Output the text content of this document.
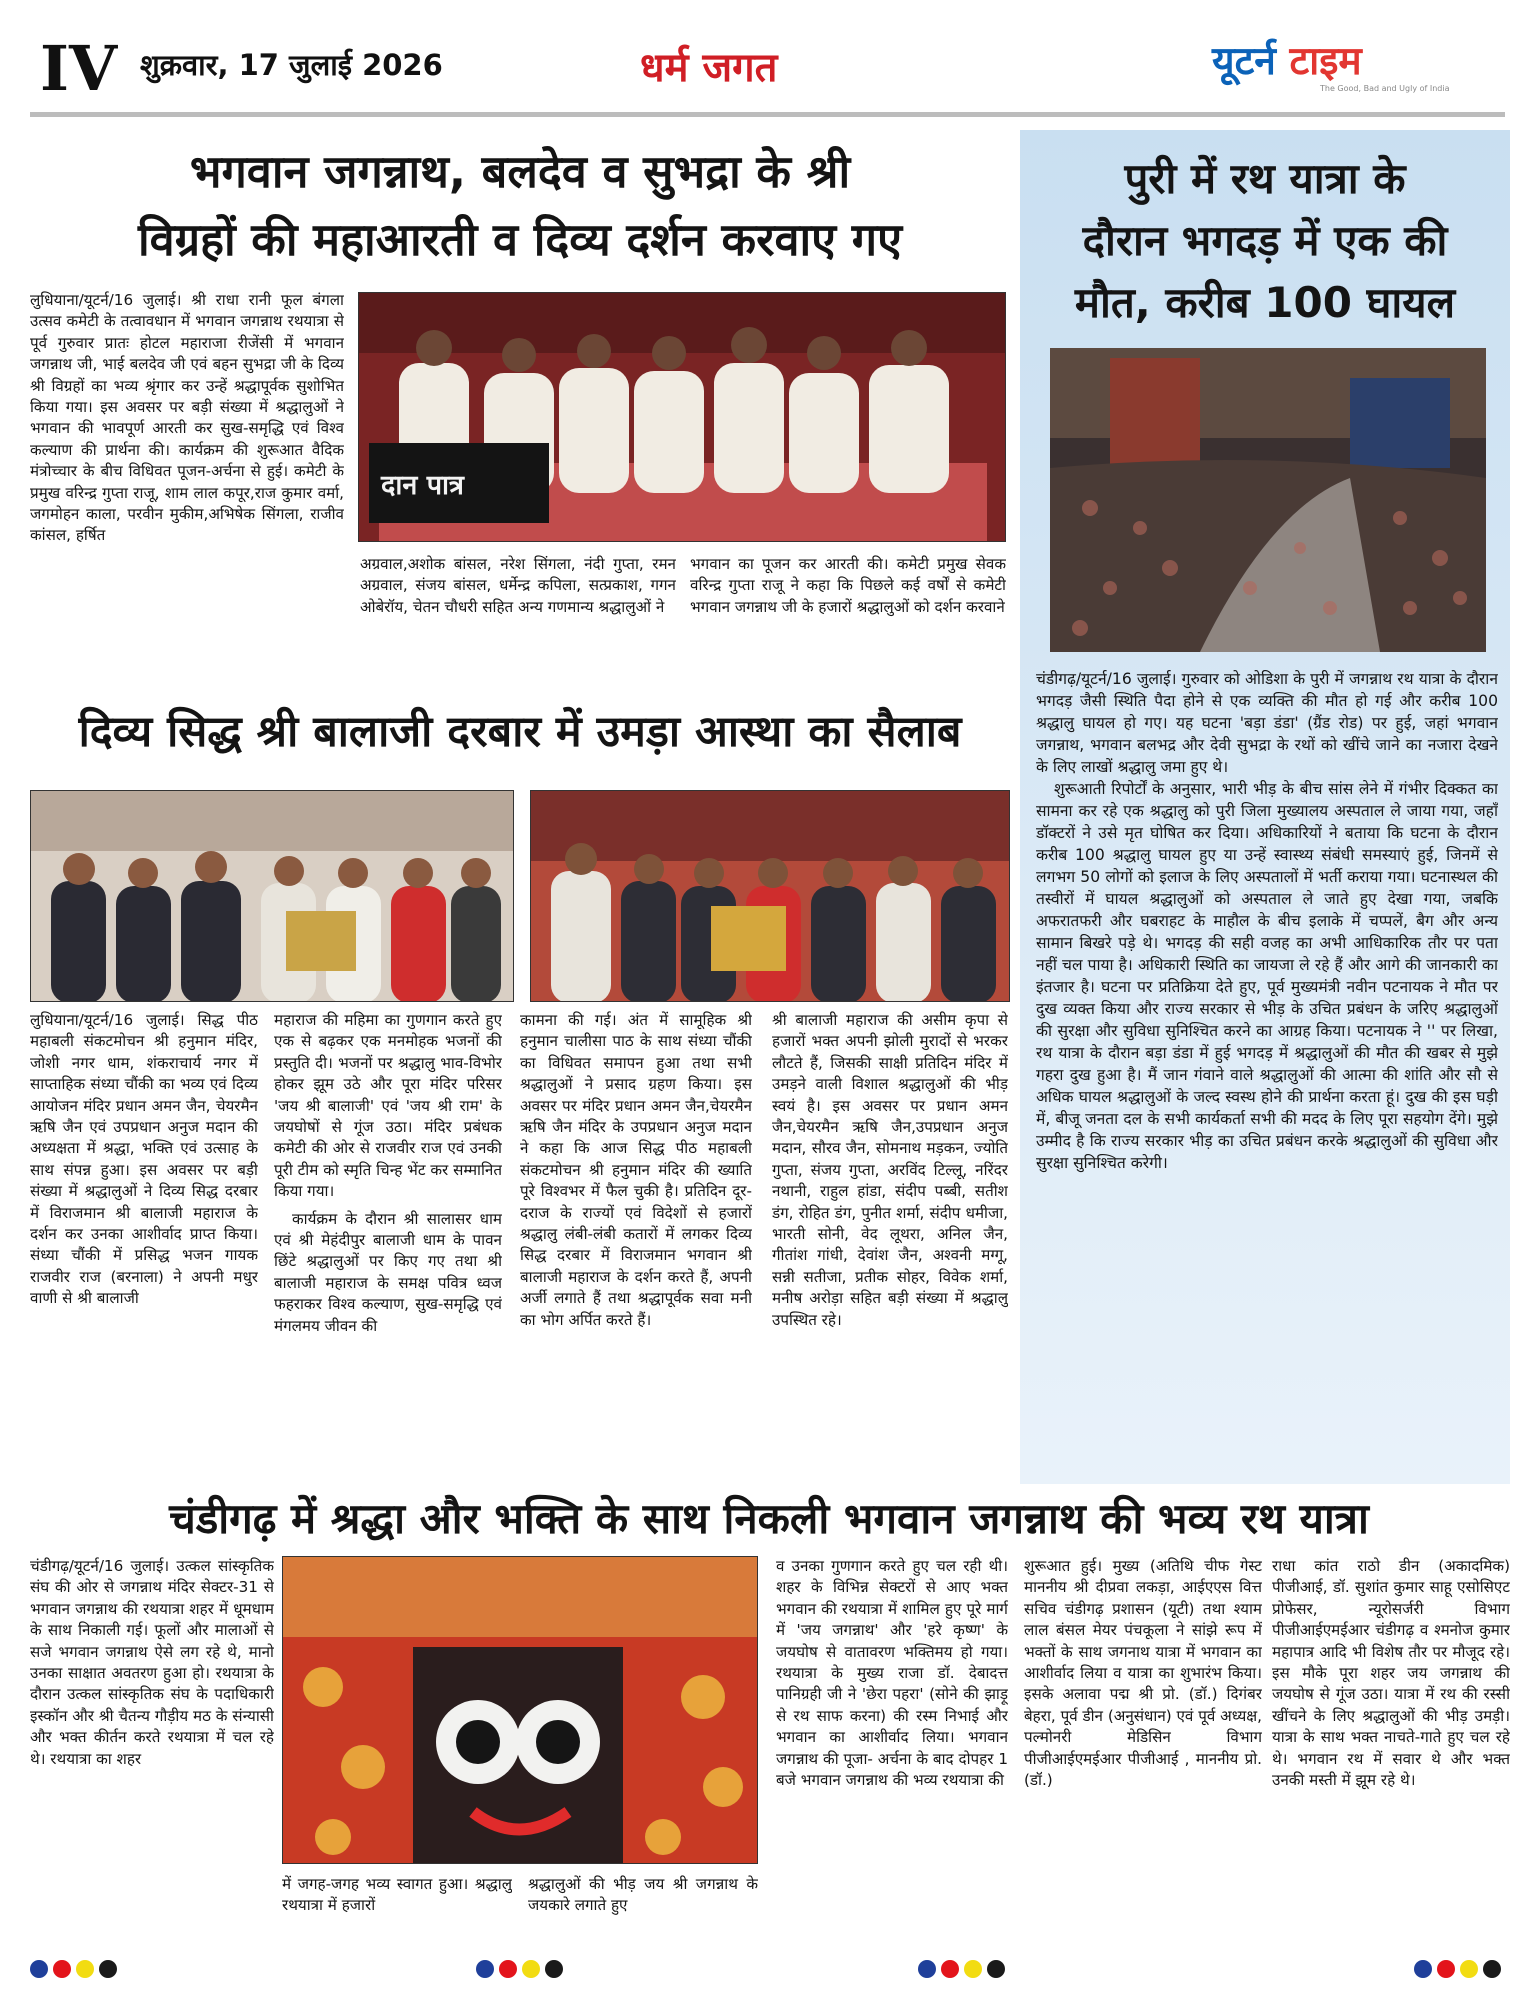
IV शुक्रवार, 17 जुलाई 2026	धर्म जगत	यूटर्न टाइम
The Good, Bad and Ugly of India
भगवान जगन्नाथ, बलदेव व सुभद्रा के श्री
विग्रहों की महाआरती व दिव्य दर्शन करवाए गए
लुधियाना/यूटर्न/16 जुलाई। श्री राधा रानी फूल बंगला उत्सव कमेटी के तत्वावधान में भगवान जगन्नाथ रथयात्रा से पूर्व गुरुवार प्रातः होटल महाराजा रीजेंसी में भगवान जगन्नाथ जी, भाई बलदेव जी एवं बहन सुभद्रा जी के दिव्य श्री विग्रहों का भव्य श्रृंगार कर उन्हें श्रद्धापूर्वक सुशोभित किया गया। इस अवसर पर बड़ी संख्या में श्रद्धालुओं ने भगवान की भावपूर्ण आरती कर सुख-समृद्धि एवं विश्व कल्याण की प्रार्थना की। कार्यक्रम की शुरूआत वैदिक मंत्रोच्चार के बीच विधिवत पूजन-अर्चना से हुई। कमेटी के प्रमुख वरिन्द्र गुप्ता राजू, शाम लाल कपूर,राज कुमार वर्मा, जगमोहन काला, परवीन मुकीम,अभिषेक सिंगला, राजीव कांसल, हर्षित
दान पात्र
अग्रवाल,अशोक बांसल, नरेश सिंगला, नंदी गुप्ता, रमन अग्रवाल, संजय बांसल, धर्मेन्द्र कपिला, सत्प्रकाश, गगन ओबेरॉय, चेतन चौधरी सहित अन्य गणमान्य श्रद्धालुओं ने
भगवान का पूजन कर आरती की। कमेटी प्रमुख सेवक वरिन्द्र गुप्ता राजू ने कहा कि पिछले कई वर्षों से कमेटी भगवान जगन्नाथ जी के हजारों श्रद्धालुओं को दर्शन करवाने
दिव्य सिद्ध श्री बालाजी दरबार में उमड़ा आस्था का सैलाब
लुधियाना/यूटर्न/16 जुलाई। सिद्ध पीठ महाबली संकटमोचन श्री हनुमान मंदिर, जोशी नगर धाम, शंकराचार्य नगर में साप्ताहिक संध्या चौंकी का भव्य एवं दिव्य आयोजन मंदिर प्रधान अमन जैन, चेयरमैन ऋषि जैन एवं उपप्रधान अनुज मदान की अध्यक्षता में श्रद्धा, भक्ति एवं उत्साह के साथ संपन्न हुआ। इस अवसर पर बड़ी संख्या में श्रद्धालुओं ने दिव्य सिद्ध दरबार में विराजमान श्री बालाजी महाराज के दर्शन कर उनका आशीर्वाद प्राप्त किया। संध्या चौंकी में प्रसिद्ध भजन गायक राजवीर राज (बरनाला) ने अपनी मधुर वाणी से श्री बालाजी
महाराज की महिमा का गुणगान करते हुए एक से बढ़कर एक मनमोहक भजनों की प्रस्तुति दी। भजनों पर श्रद्धालु भाव-विभोर होकर झूम उठे और पूरा मंदिर परिसर 'जय श्री बालाजी' एवं 'जय श्री राम' के जयघोषों से गूंज उठा। मंदिर प्रबंधक कमेटी की ओर से राजवीर राज एवं उनकी पूरी टीम को स्मृति चिन्ह भेंट कर सम्मानित किया गया।
कार्यक्रम के दौरान श्री सालासर धाम एवं श्री मेहंदीपुर बालाजी धाम के पावन छिंटे श्रद्धालुओं पर किए गए तथा श्री बालाजी महाराज के समक्ष पवित्र ध्वज फहराकर विश्व कल्याण, सुख-समृद्धि एवं मंगलमय जीवन की
कामना की गई। अंत में सामूहिक श्री हनुमान चालीसा पाठ के साथ संध्या चौंकी का विधिवत समापन हुआ तथा सभी श्रद्धालुओं ने प्रसाद ग्रहण किया। इस अवसर पर मंदिर प्रधान अमन जैन,चेयरमैन ऋषि जैन मंदिर के उपप्रधान अनुज मदान ने कहा कि आज सिद्ध पीठ महाबली संकटमोचन श्री हनुमान मंदिर की ख्याति पूरे विश्वभर में फैल चुकी है। प्रतिदिन दूर-दराज के राज्यों एवं विदेशों से हजारों श्रद्धालु लंबी-लंबी कतारों में लगकर दिव्य सिद्ध दरबार में विराजमान भगवान श्री बालाजी महाराज के दर्शन करते हैं, अपनी अर्जी लगाते हैं तथा श्रद्धापूर्वक सवा मनी का भोग अर्पित करते हैं।
श्री बालाजी महाराज की असीम कृपा से हजारों भक्त अपनी झोली मुरादों से भरकर लौटते हैं, जिसकी साक्षी प्रतिदिन मंदिर में उमड़ने वाली विशाल श्रद्धालुओं की भीड़ स्वयं है। इस अवसर पर प्रधान अमन जैन,चेयरमैन ऋषि जैन,उपप्रधान अनुज मदान, सौरव जैन, सोमनाथ मड़कन, ज्योति गुप्ता, संजय गुप्ता, अरविंद टिल्लू, नरिंदर नथानी, राहुल हांडा, संदीप पब्बी, सतीश डंग, रोहित डंग, पुनीत शर्मा, संदीप धमीजा, भारती सोनी, वेद लूथरा, अनिल जैन, गीतांश गांधी, देवांश जैन, अश्वनी मग्गू, सन्नी सतीजा, प्रतीक सोहर, विवेक शर्मा, मनीष अरोड़ा सहित बड़ी संख्या में श्रद्धालु उपस्थित रहे।
पुरी में रथ यात्रा के
दौरान भगदड़ में एक की
मौत, करीब 100 घायल

चंडीगढ़/यूटर्न/16 जुलाई। गुरुवार को ओडिशा के पुरी में जगन्नाथ रथ यात्रा के दौरान भगदड़ जैसी स्थिति पैदा होने से एक व्यक्ति की मौत हो गई और करीब 100 श्रद्धालु घायल हो गए। यह घटना 'बड़ा डंडा' (ग्रैंड रोड) पर हुई, जहां भगवान जगन्नाथ, भगवान बलभद्र और देवी सुभद्रा के रथों को खींचे जाने का नजारा देखने के लिए लाखों श्रद्धालु जमा हुए थे।

शुरूआती रिपोर्टों के अनुसार, भारी भीड़ के बीच सांस लेने में गंभीर दिक्कत का सामना कर रहे एक श्रद्धालु को पुरी जिला मुख्यालय अस्पताल ले जाया गया, जहाँ डॉक्टरों ने उसे मृत घोषित कर दिया। अधिकारियों ने बताया कि घटना के दौरान करीब 100 श्रद्धालु घायल हुए या उन्हें स्वास्थ्य संबंधी समस्याएं हुई, जिनमें से लगभग 50 लोगों को इलाज के लिए अस्पतालों में भर्ती कराया गया। घटनास्थल की तस्वीरों में घायल श्रद्धालुओं को अस्पताल ले जाते हुए देखा गया, जबकि अफरातफरी और घबराहट के माहौल के बीच इलाके में चप्पलें, बैग और अन्य सामान बिखरे पड़े थे। भगदड़ की सही वजह का अभी आधिकारिक तौर पर पता नहीं चल पाया है। अधिकारी स्थिति का जायजा ले रहे हैं और आगे की जानकारी का इंतजार है। घटना पर प्रतिक्रिया देते हुए, पूर्व मुख्यमंत्री नवीन पटनायक ने मौत पर दुख व्यक्त किया और राज्य सरकार से भीड़ के उचित प्रबंधन के जरिए श्रद्धालुओं की सुरक्षा और सुविधा सुनिश्चित करने का आग्रह किया। पटनायक ने '' पर लिखा, रथ यात्रा के दौरान बड़ा डंडा में हुई भगदड़ में श्रद्धालुओं की मौत की खबर से मुझे गहरा दुख हुआ है। मैं जान गंवाने वाले श्रद्धालुओं की आत्मा की शांति और सौ से अधिक घायल श्रद्धालुओं के जल्द स्वस्थ होने की प्रार्थना करता हूं। दुख की इस घड़ी में, बीजू जनता दल के सभी कार्यकर्ता सभी की मदद के लिए पूरा सहयोग देंगे। मुझे उम्मीद है कि राज्य सरकार भीड़ का उचित प्रबंधन करके श्रद्धालुओं की सुविधा और सुरक्षा सुनिश्चित करेगी।

चंडीगढ़ में श्रद्धा और भक्ति के साथ निकली भगवान जगन्नाथ की भव्य रथ यात्रा
चंडीगढ़/यूटर्न/16 जुलाई। उत्कल सांस्कृतिक संघ की ओर से जगन्नाथ मंदिर सेक्टर-31 से भगवान जगन्नाथ की रथयात्रा शहर में धूमधाम के साथ निकाली गई। फूलों और मालाओं से सजे भगवान जगन्नाथ ऐसे लग रहे थे, मानो उनका साक्षात अवतरण हुआ हो। रथयात्रा के दौरान उत्कल सांस्कृतिक संघ के पदाधिकारी इस्कॉन और श्री चैतन्य गौड़ीय मठ के संन्यासी और भक्त कीर्तन करते रथयात्रा में चल रहे थे। रथयात्रा का शहर
में जगह-जगह भव्य स्वागत हुआ। श्रद्धालु रथयात्रा में हजारों
श्रद्धालुओं की भीड़ जय श्री जगन्नाथ के जयकारे लगाते हुए
व उनका गुणगान करते हुए चल रही थी। शहर के विभिन्न सेक्टरों से आए भक्त भगवान की रथयात्रा में शामिल हुए पूरे मार्ग में 'जय जगन्नाथ' और 'हरे कृष्ण' के जयघोष से वातावरण भक्तिमय हो गया। रथयात्रा के मुख्य राजा डॉ. देबादत्त पानिग्रही जी ने 'छेरा पहरा' (सोने की झाड़ू से रथ साफ करना) की रस्म निभाई और भगवान का आशीर्वाद लिया। भगवान जगन्नाथ की पूजा- अर्चना के बाद दोपहर 1 बजे भगवान जगन्नाथ की भव्य रथयात्रा की
शुरूआत हुई। मुख्य (अतिथि चीफ गेस्ट माननीय श्री दीप्रवा लकड़ा, आईएएस वित्त सचिव चंडीगढ़ प्रशासन (यूटी) तथा श्याम लाल बंसल मेयर पंचकूला ने सांझे रूप में भक्तों के साथ जगनाथ यात्रा में भगवान का आशीर्वाद लिया व यात्रा का शुभारंभ किया। इसके अलावा पद्म श्री प्रो. (डॉ.) दिगंबर बेहरा, पूर्व डीन (अनुसंधान) एवं पूर्व अध्यक्ष, पल्मोनरी मेडिसिन विभाग पीजीआईएमईआर पीजीआई , माननीय प्रो. (डॉ.)
राधा कांत राठो डीन (अकादमिक) पीजीआई, डॉ. सुशांत कुमार साहू एसोसिएट प्रोफेसर, न्यूरोसर्जरी विभाग पीजीआईएमईआर चंडीगढ़ व श्मनोज कुमार महापात्र आदि भी विशेष तौर पर मौजूद रहे। इस मौके पूरा शहर जय जगन्नाथ की जयघोष से गूंज उठा। यात्रा में रथ की रस्सी खींचने के लिए श्रद्धालुओं की भीड़ उमड़ी। यात्रा के साथ भक्त नाचते-गाते हुए चल रहे थे। भगवान रथ में सवार थे और भक्त उनकी मस्ती में झूम रहे थे।
